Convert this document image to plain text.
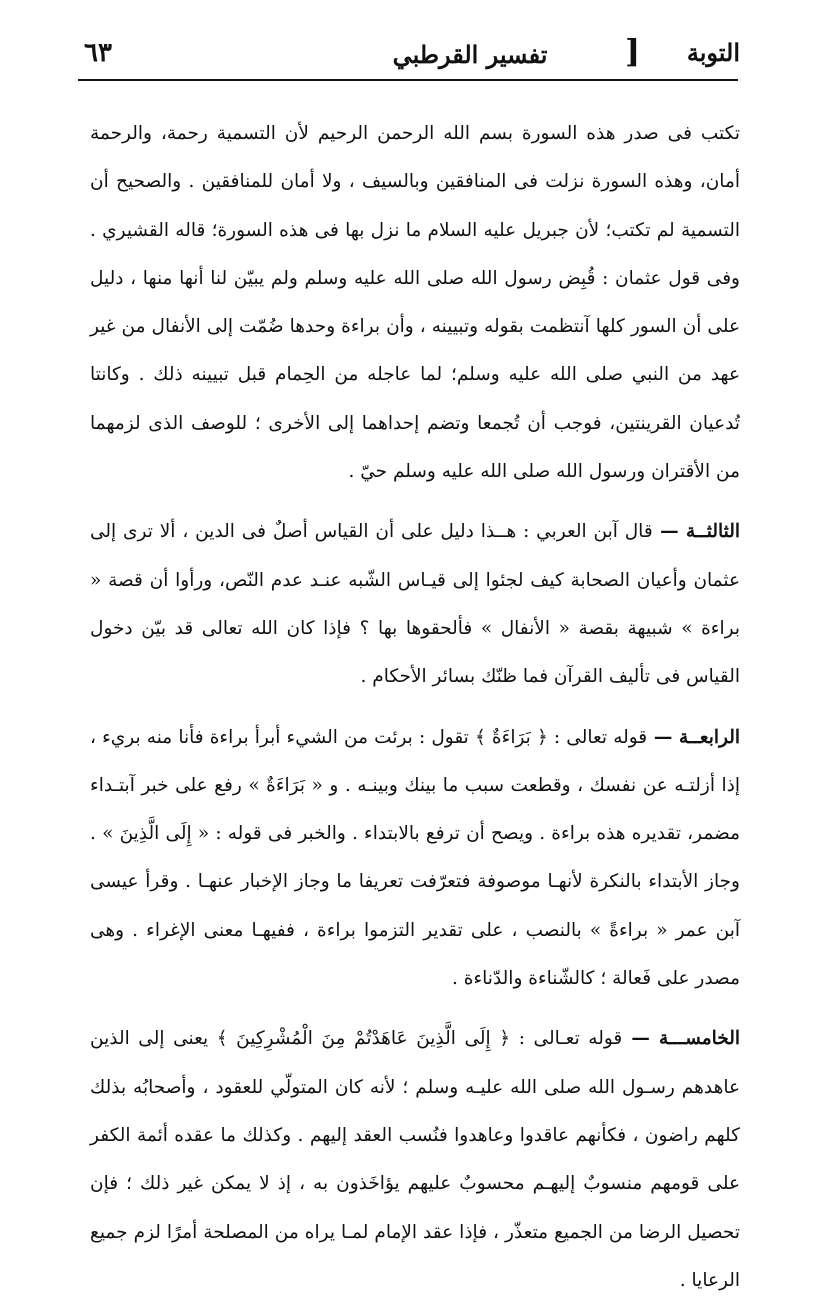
٦٣	تفسير القرطبي	] التوبة

تكتب فى صدر هذه السورة بسم الله الرحمن الرحيم لأن التسمية رحمة، والرحمة أمان، وهذه السورة نزلت فى المنافقين وبالسيف ، ولا أمان للمنافقين . والصحيح أن التسمية لم تكتب؛ لأن جبريل عليه السلام ما نزل بها فى هذه السورة؛ قاله القشيري . وفى قول عثمان : قُبِض رسول الله صلى الله عليه وسلم ولم يبيّن لنا أنها منها ، دليل على أن السور كلها آنتظمت بقوله وتبيينه ، وأن براءة وحدها ضُمّت إلى الأنفال من غير عهد من النبي صلى الله عليه وسلم؛ لما عاجله من الحِمام قبل تبيينه ذلك . وكانتا تُدعيان القرينتين، فوجب أن تُجمعا وتضم إحداهما إلى الأخرى ؛ للوصف الذى لزمهما من الأقتران ورسول الله صلى الله عليه وسلم حيّ .

الثالثــة — قال آبن العربي : هــذا دليل على أن القياس أصلٌ فى الدين ، ألا ترى إلى عثمان وأعيان الصحابة كيف لجئوا إلى قيـاس الشّبه عنـد عدم النّص، ورأوا أن قصة « براءة » شبيهة بقصة « الأنفال » فألحقوها بها ؟ فإذا كان الله تعالى قد بيّن دخول القياس فى تأليف القرآن فما ظنّك بسائر الأحكام .

الرابعــة — قوله تعالى : ﴿ بَرَاءَةٌ ﴾ تقول : برئت من الشيء أبرأ براءة فأنا منه بريء ، إذا أزلتـه عن نفسك ، وقطعت سبب ما بينك وبينـه . و « بَرَاءَةٌ » رفع على خبر آبتـداء مضمر، تقديره هذه براءة . ويصح أن ترفع بالابتداء . والخبر فى قوله : « إِلَى الَّذِينَ » . وجاز الأبتداء بالنكرة لأنهـا موصوفة فتعرّفت تعريفا ما وجاز الإخبار عنهـا . وقرأ عيسى آبن عمر « براءةً » بالنصب ، على تقدير التزموا براءة ، ففيهـا معنى الإغراء . وهى مصدر على فَعالة ؛ كالشّناءة والدّناءة .

الخامســـة — قوله تعـالى : ﴿ إِلَى الَّذِينَ عَاهَدْتُمْ مِنَ الْمُشْرِكِينَ ﴾ يعنى إلى الذين عاهدهم رسـول الله صلى الله عليـه وسلم ؛ لأنه كان المتولّي للعقود ، وأصحابُه بذلك كلهم راضون ، فكأنهم عاقدوا وعاهدوا فنُسب العقد إليهم . وكذلك ما عقده أئمة الكفر على قومهم منسوبٌ إليهـم محسوبٌ عليهم يؤاخَذون به ، إذ لا يمكن غير ذلك ؛ فإن تحصيل الرضا من الجميع متعذّر ، فإذا عقد الإمام لمـا يراه من المصلحة أمرًا لزم جميع الرعايا .
